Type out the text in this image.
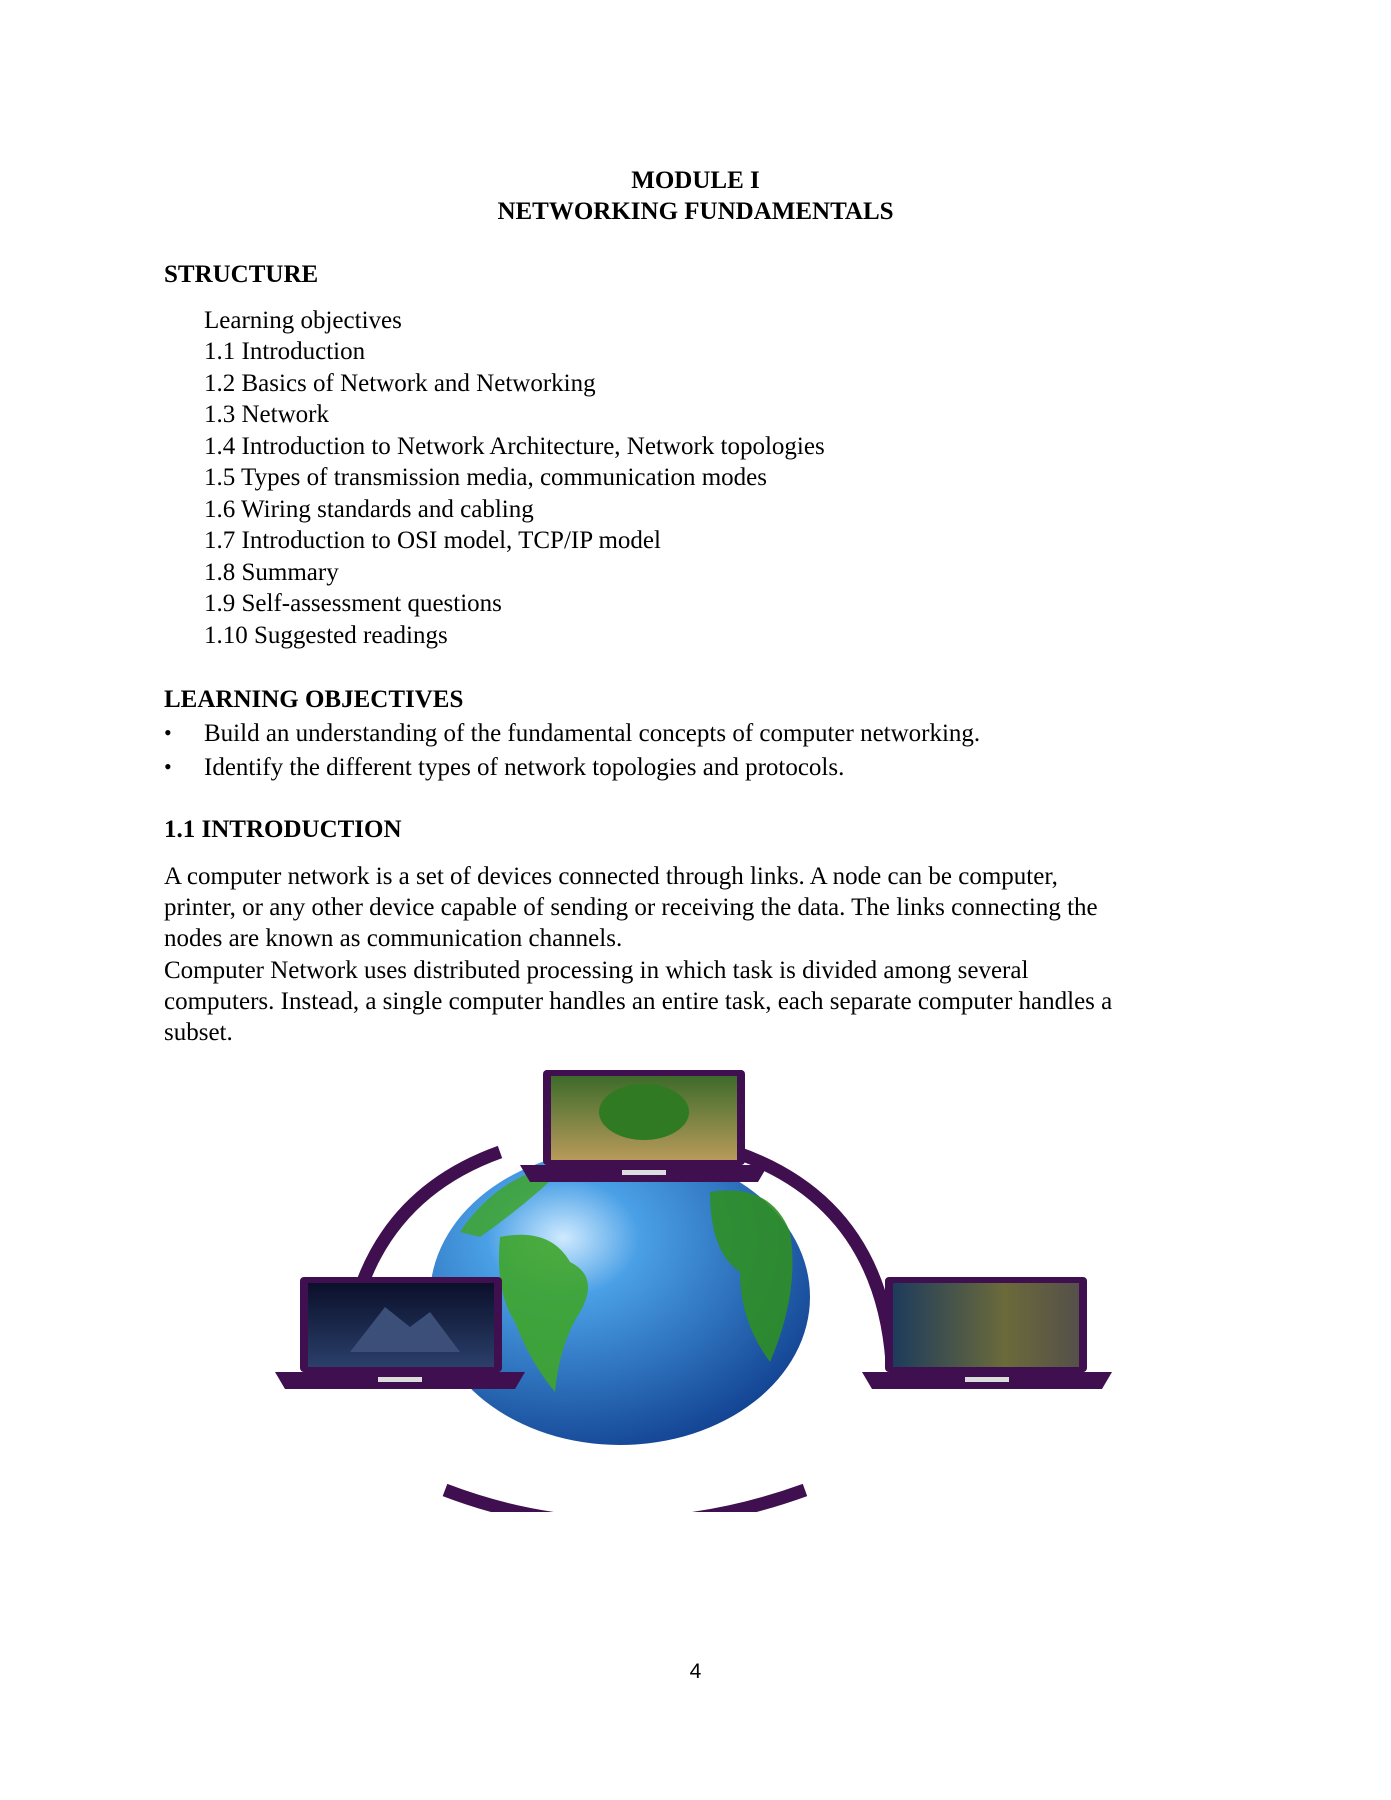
MODULE I
NETWORKING FUNDAMENTALS
STRUCTURE
Learning objectives
1.1 Introduction
1.2 Basics of Network and Networking
1.3 Network
1.4 Introduction to Network Architecture, Network topologies
1.5 Types of transmission media, communication modes
1.6 Wiring standards and cabling
1.7 Introduction to OSI model, TCP/IP model
1.8 Summary
1.9 Self-assessment questions
1.10 Suggested readings
LEARNING OBJECTIVES
• Build an understanding of the fundamental concepts of computer networking.
• Identify the different types of network topologies and protocols.
1.1 INTRODUCTION
A computer network is a set of devices connected through links. A node can be computer,
printer, or any other device capable of sending or receiving the data. The links connecting the
nodes are known as communication channels.
Computer Network uses distributed processing in which task is divided among several
computers. Instead, a single computer handles an entire task, each separate computer handles a
subset.
4
